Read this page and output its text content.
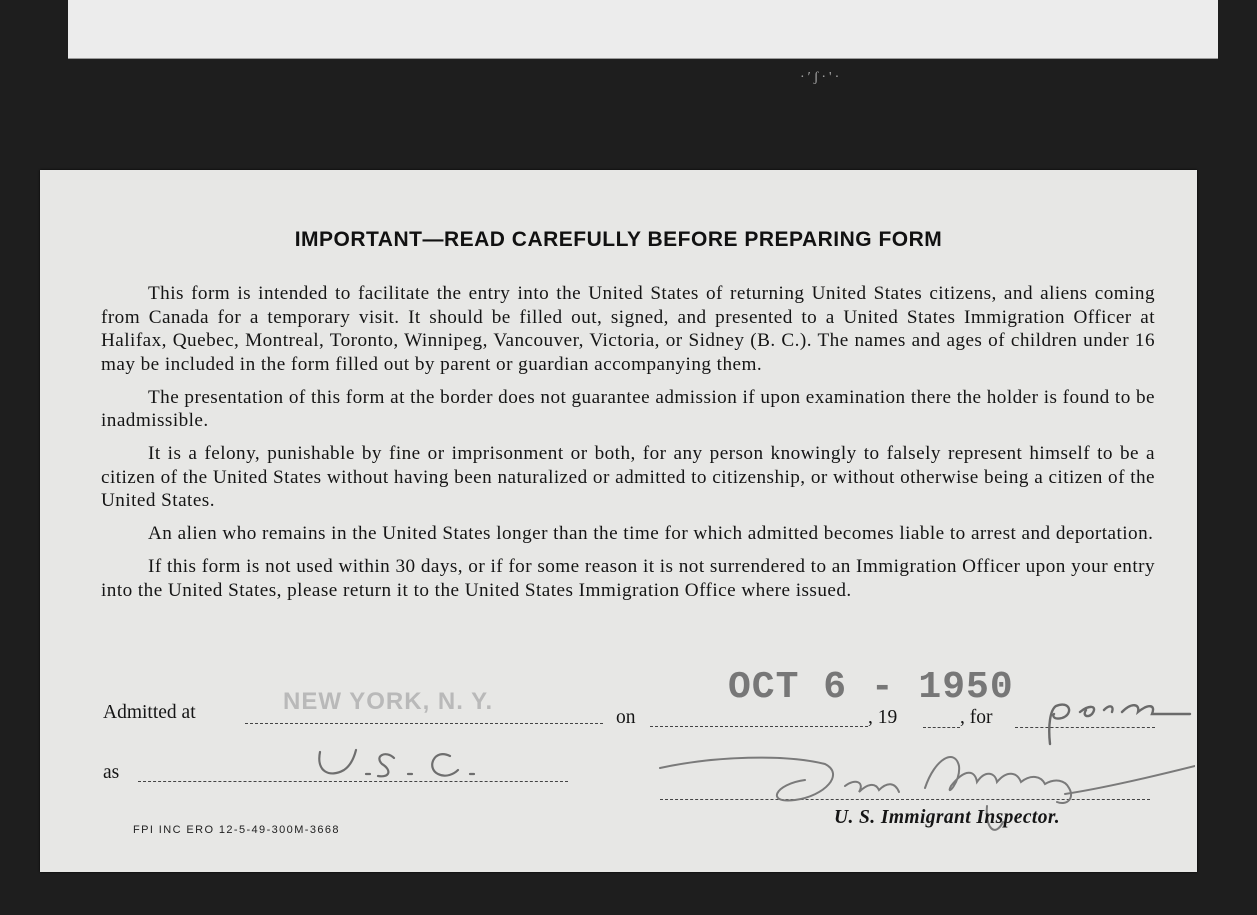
·′ʃ·'·
IMPORTANT—READ CAREFULLY BEFORE PREPARING FORM

This form is intended to facilitate the entry into the United States of returning United States citizens, and aliens coming from Canada for a temporary visit. It should be filled out, signed, and presented to a United States Immigration Officer at Halifax, Quebec, Montreal, Toronto, Winnipeg, Vancouver, Victoria, or Sidney (B. C.). The names and ages of children under 16 may be included in the form filled out by parent or guardian accompanying them.

The presentation of this form at the border does not guarantee admission if upon examination there the holder is found to be inadmissible.

It is a felony, punishable by fine or imprisonment or both, for any person knowingly to falsely represent himself to be a citizen of the United States without having been naturalized or admitted to citizenship, or without otherwise being a citizen of the United States.

An alien who remains in the United States longer than the time for which admitted becomes liable to arrest and deportation.

If this form is not used within 30 days, or if for some reason it is not surrendered to an Immigration Officer upon your entry into the United States, please return it to the United States Immigration Office where issued.

Admitted at	NEW YORK, N. Y.
on
OCT 6 - 1950
, 19	, for
as
U. S. Immigrant Inspector.
FPI INC ERO 12-5-49-300M-3668
